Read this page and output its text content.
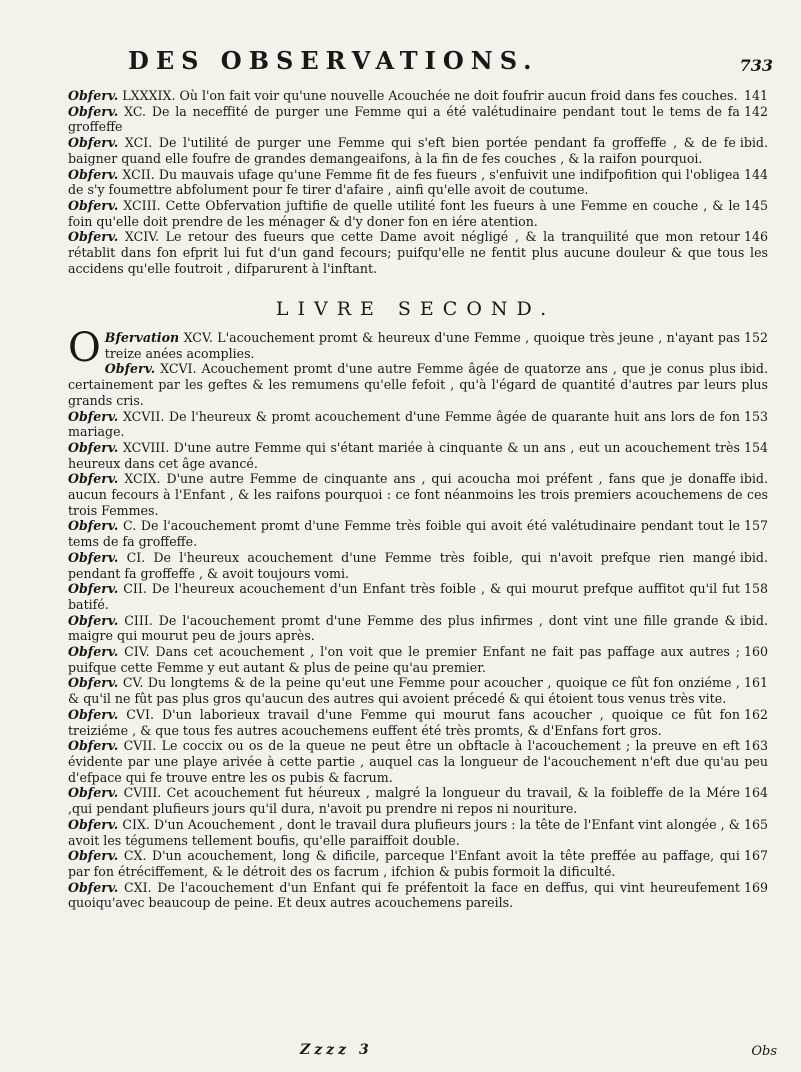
DES OBSERVATIONS.	733

141
Obferv. LXXXIX. Où l'on fait voir qu'une nouvelle Acouchée ne doit foufrir aucun froid dans fes couches.

142
Obferv. XC. De la neceffité de purger une Femme qui a été valétudinaire pendant tout le tems de fa groffeffe

ibid.
Obferv. XCI. De l'utilité de purger une Femme qui s'eft bien portée pendant fa groffeffe , & de fe baigner quand elle foufre de grandes demangeaifons, à la fin de fes couches , & la raifon pourquoi.

144
Obferv. XCII. Du mauvais ufage qu'une Femme fit de fes fueurs , s'enfuivit une indifpofition qui l'obligea de s'y foumettre abfolument pour fe tirer d'afaire , ainfi qu'elle avoit de coutume.

145
Obferv. XCIII. Cette Obfervation juftifie de quelle utilité font les fueurs à une Femme en couche , & le foin qu'elle doit prendre de les ménager & d'y doner fon en iére atention.

146
Obferv. XCIV. Le retour des fueurs que cette Dame avoit négligé , & la tranquilité que mon retour rétablit dans fon efprit lui fut d'un gand fecours; puifqu'elle ne fentit plus aucune douleur & que tous les accidens qu'elle foutroit , difparurent à l'inftant.

LIVRE SECOND.

152
O Bfervation XCV. L'acouchement promt & heureux d'une Femme , quoique très jeune , n'ayant pas treize anées acomplies.

ibid.
Obferv. XCVI. Acouchement promt d'une autre Femme âgée de quatorze ans , que je conus plus certainement par les geftes & les remumens qu'elle fefoit , qu'à l'égard de quantité d'autres par leurs plus grands cris.

153
Obferv. XCVII. De l'heureux & promt acouchement d'une Femme âgée de quarante huit ans lors de fon mariage.

154
Obferv. XCVIII. D'une autre Femme qui s'étant mariée à cinquante & un ans , eut un acouchement très heureux dans cet âge avancé.

ibid.
Obferv. XCIX. D'une autre Femme de cinquante ans , qui acoucha moi préfent , fans que je donaffe aucun fecours à l'Enfant , & les raifons pourquoi : ce font néanmoins les trois premiers acouchemens de ces trois Femmes.

157
Obferv. C. De l'acouchement promt d'une Femme très foible qui avoit été valétudinaire pendant tout le tems de fa groffeffe.

ibid.
Obferv. CI. De l'heureux acouchement d'une Femme très foible, qui n'avoit prefque rien mangé pendant fa groffeffe , & avoit toujours vomi.

158
Obferv. CII. De l'heureux acouchement d'un Enfant très foible , & qui mourut prefque auffitot qu'il fut batifé.

ibid.
Obferv. CIII. De l'acouchement promt d'une Femme des plus infirmes , dont vint une fille grande & maigre qui mourut peu de jours après.

160
Obferv. CIV. Dans cet acouchement , l'on voit que le premier Enfant ne fait pas paffage aux autres ; puifque cette Femme y eut autant & plus de peine qu'au premier.

161
Obferv. CV. Du longtems & de la peine qu'eut une Femme pour acoucher , quoique ce fût fon onziéme , & qu'il ne fût pas plus gros qu'aucun des autres qui avoient précedé & qui étoient tous venus très vite.

162
Obferv. CVI. D'un laborieux travail d'une Femme qui mourut fans acoucher , quoique ce fût fon treiziéme , & que tous fes autres acouchemens euffent été très promts, & d'Enfans fort gros.

163
Obferv. CVII. Le coccix ou os de la queue ne peut être un obftacle à l'acouchement ; la preuve en eft évidente par une playe arivée à cette partie , auquel cas la longueur de l'acouchement n'eft due qu'au peu d'efpace qui fe trouve entre les os pubis & facrum.

164
Obferv. CVIII. Cet acouchement fut héureux , malgré la longueur du travail, & la foibleffe de la Mére ,qui pendant plufieurs jours qu'il dura, n'avoit pu prendre ni repos ni nouriture.

165
Obferv. CIX. D'un Acouchement , dont le travail dura plufieurs jours : la tête de l'Enfant vint alongée , & avoit les tégumens tellement boufis, qu'elle paraiffoit double.

167
Obferv. CX. D'un acouchement, long & dificile, parceque l'Enfant avoit la tête preffée au paffage, qui par fon étréciffement, & le détroit des os facrum , ifchion & pubis formoit la dificulté.

169
Obferv. CXI. De l'acouchement d'un Enfant qui fe préfentoit la face en deffus, qui vint heureufement quoiqu'avec beaucoup de peine. Et deux autres acouchemens pareils.

Zzzz 3	Obs
